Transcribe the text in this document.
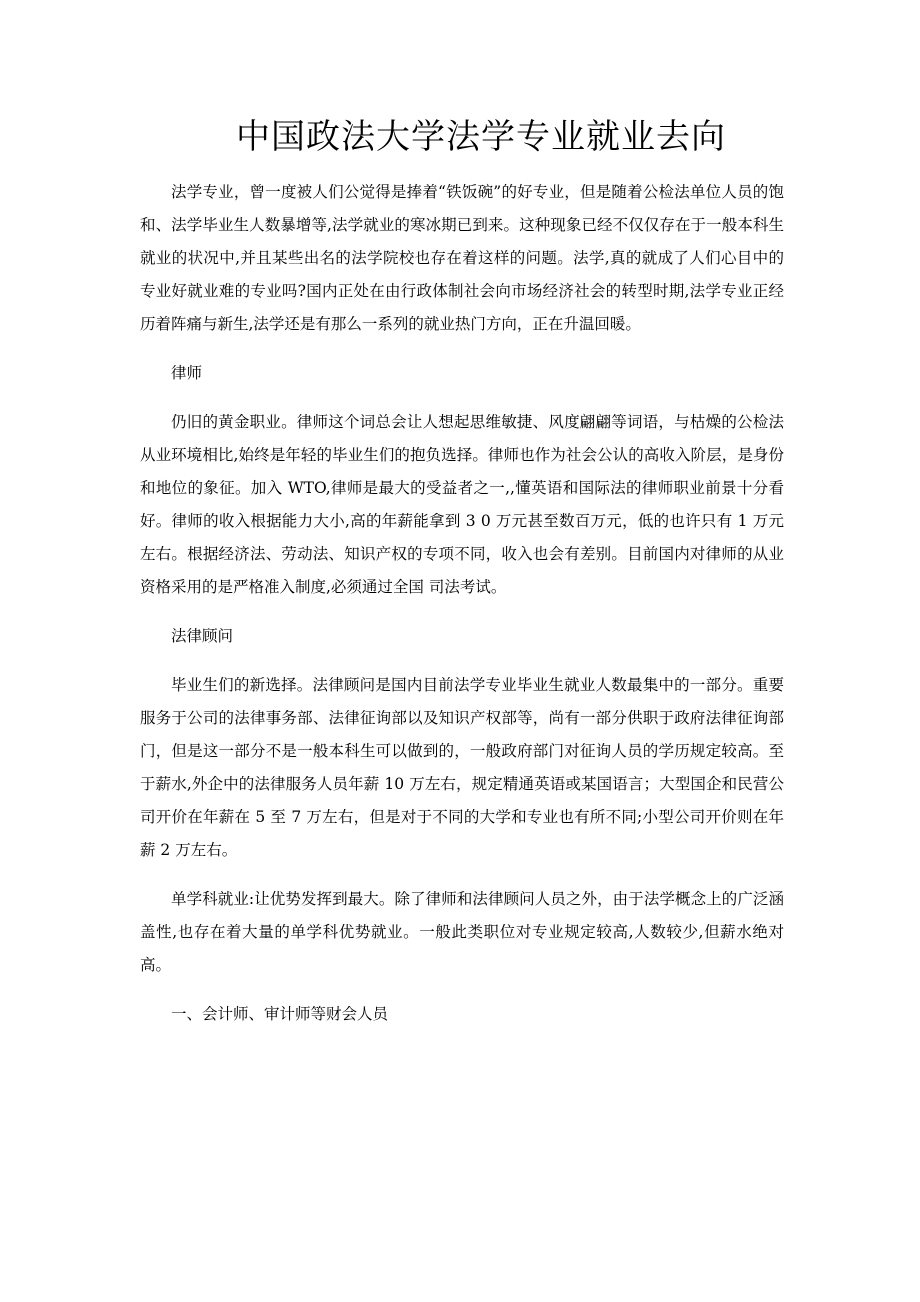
中国政法大学法学专业就业去向

法学专业，曾一度被人们公觉得是捧着“铁饭碗”的好专业，但是随着公检法单位人员的饱和、法学毕业生人数暴增等,法学就业的寒冰期已到来。这种现象已经不仅仅存在于一般本科生就业的状况中,并且某些出名的法学院校也存在着这样的问题。法学,真的就成了人们心目中的专业好就业难的专业吗?国内正处在由行政体制社会向市场经济社会的转型时期,法学专业正经历着阵痛与新生,法学还是有那么一系列的就业热门方向，正在升温回暖。

律师

仍旧的黄金职业。律师这个词总会让人想起思维敏捷、风度翩翩等词语，与枯燥的公检法从业环境相比,始终是年轻的毕业生们的抱负选择。律师也作为社会公认的高收入阶层，是身份和地位的象征。加入 WTO,律师是最大的受益者之一,,懂英语和国际法的律师职业前景十分看好。律师的收入根据能力大小,高的年薪能拿到 3 0 万元甚至数百万元，低的也许只有 1 万元左右。根据经济法、劳动法、知识产权的专项不同，收入也会有差别。目前国内对律师的从业资格采用的是严格准入制度,必须通过全国 司法考试。

法律顾问

毕业生们的新选择。法律顾问是国内目前法学专业毕业生就业人数最集中的一部分。重要服务于公司的法律事务部、法律征询部以及知识产权部等，尚有一部分供职于政府法律征询部门，但是这一部分不是一般本科生可以做到的，一般政府部门对征询人员的学历规定较高。至于薪水,外企中的法律服务人员年薪 10 万左右，规定精通英语或某国语言；大型国企和民营公司开价在年薪在 5 至 7 万左右，但是对于不同的大学和专业也有所不同;小型公司开价则在年薪 2 万左右。

单学科就业:让优势发挥到最大。除了律师和法律顾问人员之外，由于法学概念上的广泛涵盖性,也存在着大量的单学科优势就业。一般此类职位对专业规定较高,人数较少,但薪水绝对高。

一、会计师、审计师等财会人员
